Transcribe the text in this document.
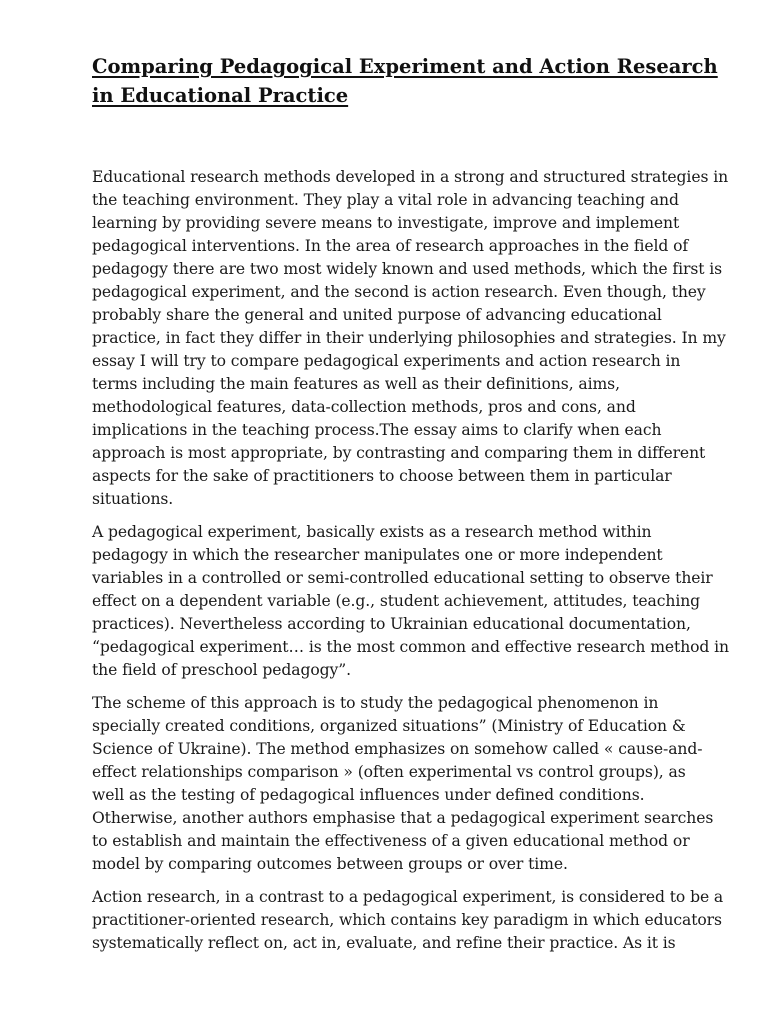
Comparing Pedagogical Experiment and Action Research
in Educational Practice

Educational research methods developed in a strong and structured strategies in
the teaching environment. They play a vital role in advancing teaching and
learning by providing severe means to investigate, improve and implement
pedagogical interventions. In the area of research approaches in the field of
pedagogy there are two most widely known and used methods, which the first is
pedagogical experiment, and the second is action research. Even though, they
probably share the general and united purpose of advancing educational
practice, in fact they differ in their underlying philosophies and strategies. In my
essay I will try to compare pedagogical experiments and action research in
terms including the main features as well as their definitions, aims,
methodological features, data-collection methods, pros and cons, and
implications in the teaching process.The essay aims to clarify when each
approach is most appropriate, by contrasting and comparing them in different
aspects for the sake of practitioners to choose between them in particular
situations.

A pedagogical experiment, basically exists as a research method within
pedagogy in which the researcher manipulates one or more independent
variables in a controlled or semi-controlled educational setting to observe their
effect on a dependent variable (e.g., student achievement, attitudes, teaching
practices). Nevertheless according to Ukrainian educational documentation,
“pedagogical experiment… is the most common and effective research method in
the field of preschool pedagogy”.

The scheme of this approach is to study the pedagogical phenomenon in
specially created conditions, organized situations” (Ministry of Education &
Science of Ukraine). The method emphasizes on somehow called « cause-and-
effect relationships comparison » (often experimental vs control groups), as
well as the testing of pedagogical influences under defined conditions.
Otherwise, another authors emphasise that a pedagogical experiment searches
to establish and maintain the effectiveness of a given educational method or
model by comparing outcomes between groups or over time.

Action research, in a contrast to a pedagogical experiment, is considered to be a
practitioner-oriented research, which contains key paradigm in which educators
systematically reflect on, act in, evaluate, and refine their practice. As it is
